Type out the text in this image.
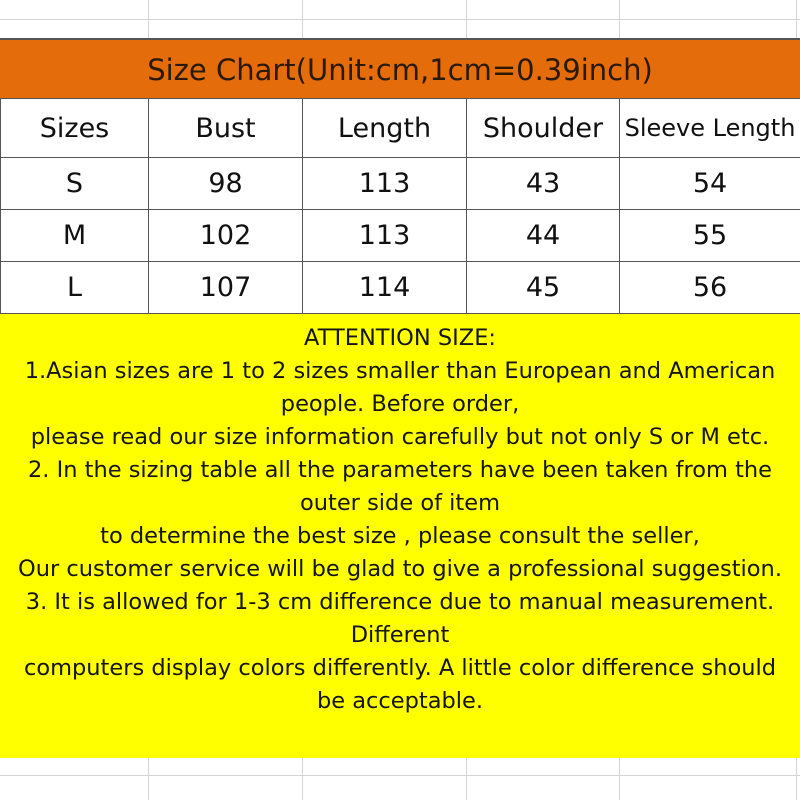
Size Chart(Unit:cm,1cm=0.39inch)
Sizes	Bust	Length	Shoulder	Sleeve Length
S	98	113	43	54
M	102	113	44	55
L	107	114	45	56
ATTENTION SIZE:
1.Asian sizes are 1 to 2 sizes smaller than European and American
people. Before order,
please read our size information carefully but not only S or M etc.
2. In the sizing table all the parameters have been taken from the
outer side of item
to determine the best size , please consult the seller,
Our customer service will be glad to give a professional suggestion.
3. It is allowed for 1-3 cm difference due to manual measurement.
Different
computers display colors differently. A little color difference should
be acceptable.
